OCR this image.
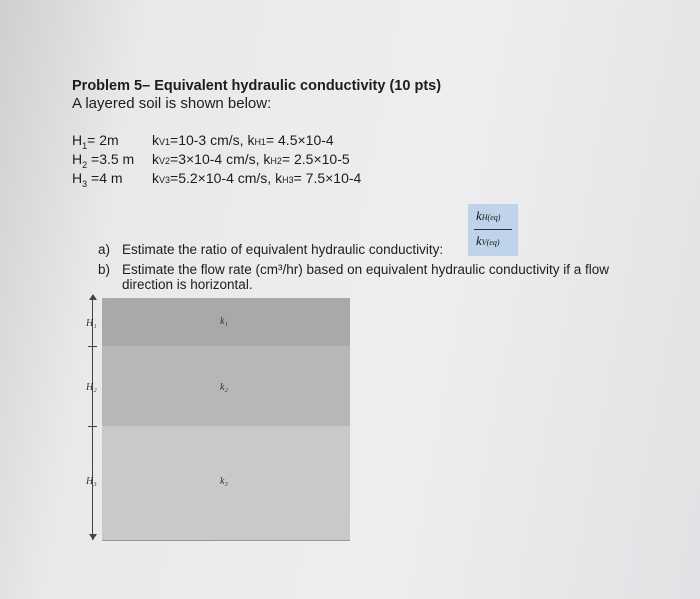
Problem 5– Equivalent hydraulic conductivity (10 pts)
A layered soil is shown below:
$H_1= 2m$ kV1=10-3 cm/s, kH1= 4.5×10-4
$H_2 =3.5$ m kV2=3×10-4 cm/s, kH2= 2.5×10-5
$H_3 =4$ m kV3=5.2×10-4 cm/s, kH3= 7.5×10-4
kH(eq)
kV(eq)
a) Estimate the ratio of equivalent hydraulic conductivity:
b) Estimate the flow rate (cm³/hr) based on equivalent hydraulic conductivity if a flow
direction is horizontal.
k₁
k₂
k₃
H₁
H₂
H₃
